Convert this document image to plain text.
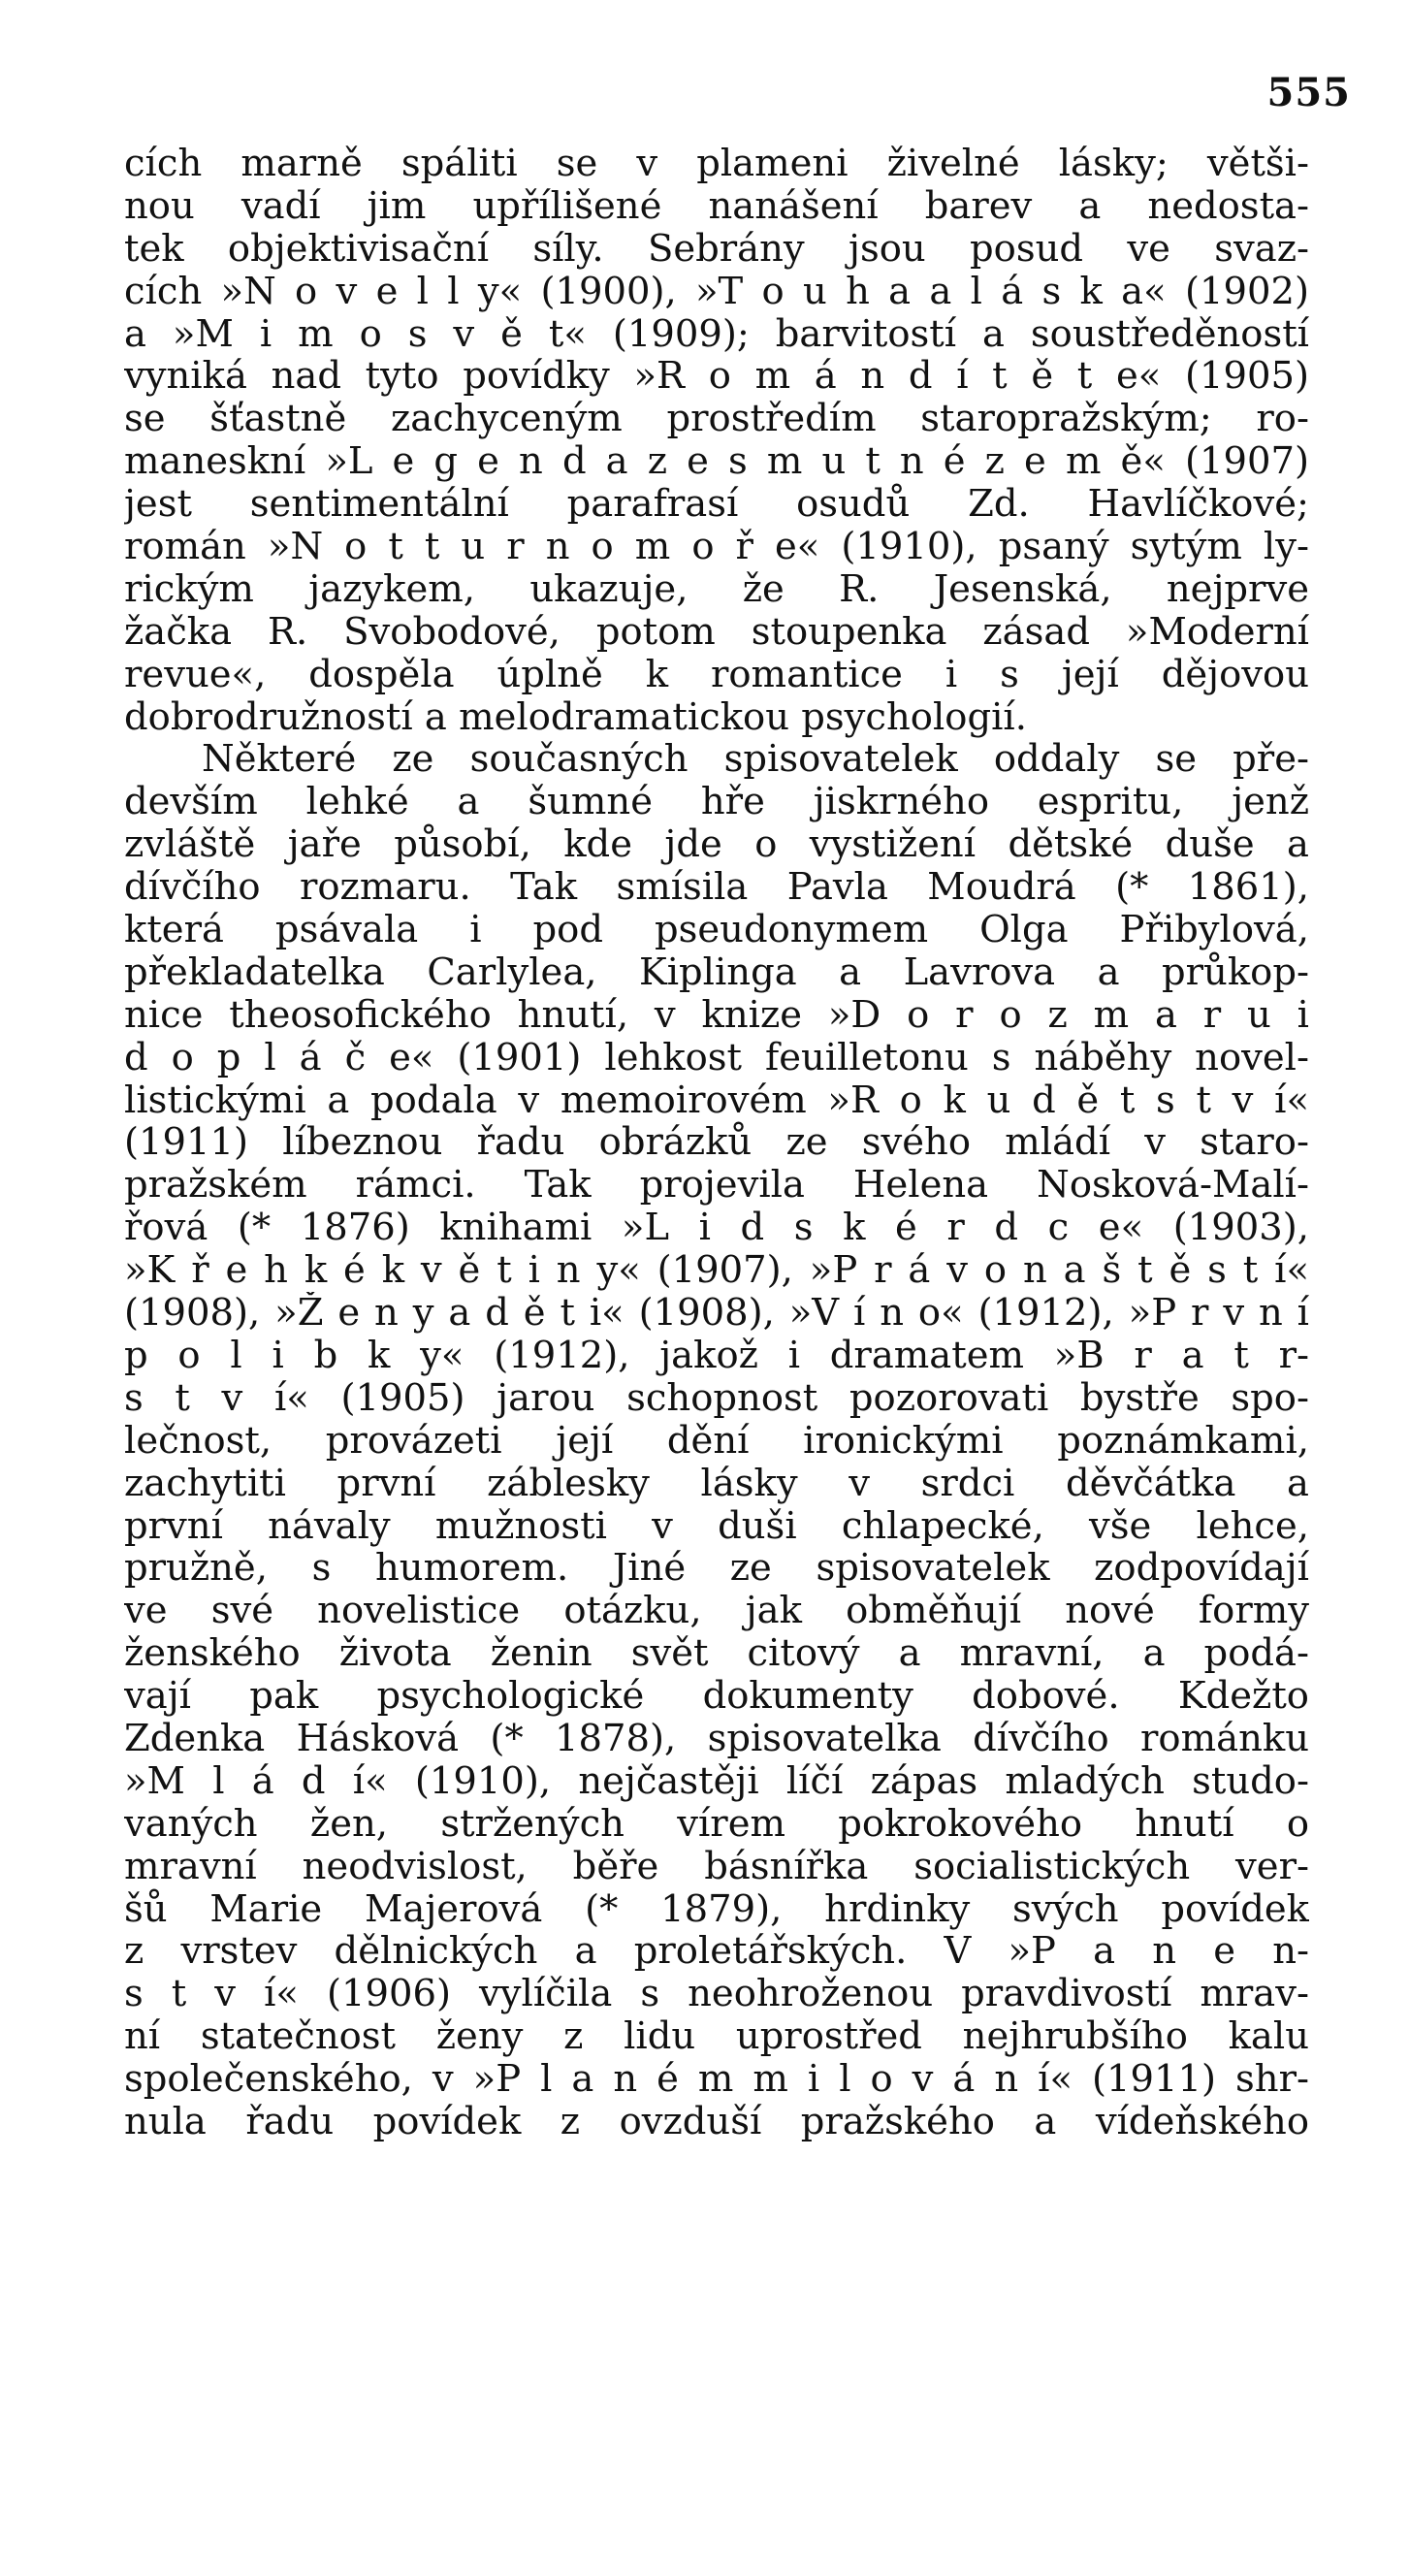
555
cích marně spáliti se v plameni živelné lásky; větši-
nou vadí jim upřílišené nanášení barev a nedosta-
tek objektivisační síly. Sebrány jsou posud ve svaz-
cích »N o v e l l y« (1900), »T o u h a a l á s k a« (1902)
a »M i m o s v ě t« (1909); barvitostí a soustředěností
vyniká nad tyto povídky »R o m á n d í t ě t e« (1905)
se šťastně zachyceným prostředím staropražským; ro-
maneskní »L e g e n d a z e s m u t n é z e m ě« (1907)
jest sentimentální parafrasí osudů Zd. Havlíčkové;
román »N o t t u r n o m o ř e« (1910), psaný sytým ly-
rickým jazykem, ukazuje, že R. Jesenská, nejprve
žačka R. Svobodové, potom stoupenka zásad »Moderní
revue«, dospěla úplně k romantice i s její dějovou
dobrodružností a melodramatickou psychologií.
Některé ze současných spisovatelek oddaly se pře-
devším lehké a šumné hře jiskrného espritu, jenž
zvláště jaře působí, kde jde o vystižení dětské duše a
dívčího rozmaru. Tak smísila Pavla Moudrá (* 1861),
která psávala i pod pseudonymem Olga Přibylová,
překladatelka Carlylea, Kiplinga a Lavrova a průkop-
nice theosofického hnutí, v knize »D o r o z m a r u i
d o p l á č e« (1901) lehkost feuilletonu s náběhy novel-
listickými a podala v memoirovém »R o k u d ě t s t v í«
(1911) líbeznou řadu obrázků ze svého mládí v staro-
pražském rámci. Tak projevila Helena Nosková-Malí-
řová (* 1876) knihami »L i d s k é r d c e« (1903),
»K ř e h k é k v ě t i n y« (1907), »P r á v o n a š t ě s t í«
(1908), »Ž e n y a d ě t i« (1908), »V í n o« (1912), »P r v n í
p o l i b k y« (1912), jakož i dramatem »B r a t r-
s t v í« (1905) jarou schopnost pozorovati bystře spo-
lečnost, provázeti její dění ironickými poznámkami,
zachytiti první záblesky lásky v srdci děvčátka a
první návaly mužnosti v duši chlapecké, vše lehce,
pružně, s humorem. Jiné ze spisovatelek zodpovídají
ve své novelistice otázku, jak obměňují nové formy
ženského života ženin svět citový a mravní, a podá-
vají pak psychologické dokumenty dobové. Kdežto
Zdenka Hásková (* 1878), spisovatelka dívčího románku
»M l á d í« (1910), nejčastěji líčí zápas mladých studo-
vaných žen, stržených vírem pokrokového hnutí o
mravní neodvislost, běře básnířka socialistických ver-
šů Marie Majerová (* 1879), hrdinky svých povídek
z vrstev dělnických a proletářských. V »P a n e n-
s t v í« (1906) vylíčila s neohroženou pravdivostí mrav-
ní statečnost ženy z lidu uprostřed nejhrubšího kalu
společenského, v »P l a n é m m i l o v á n í« (1911) shr-
nula řadu povídek z ovzduší pražského a vídeňského
